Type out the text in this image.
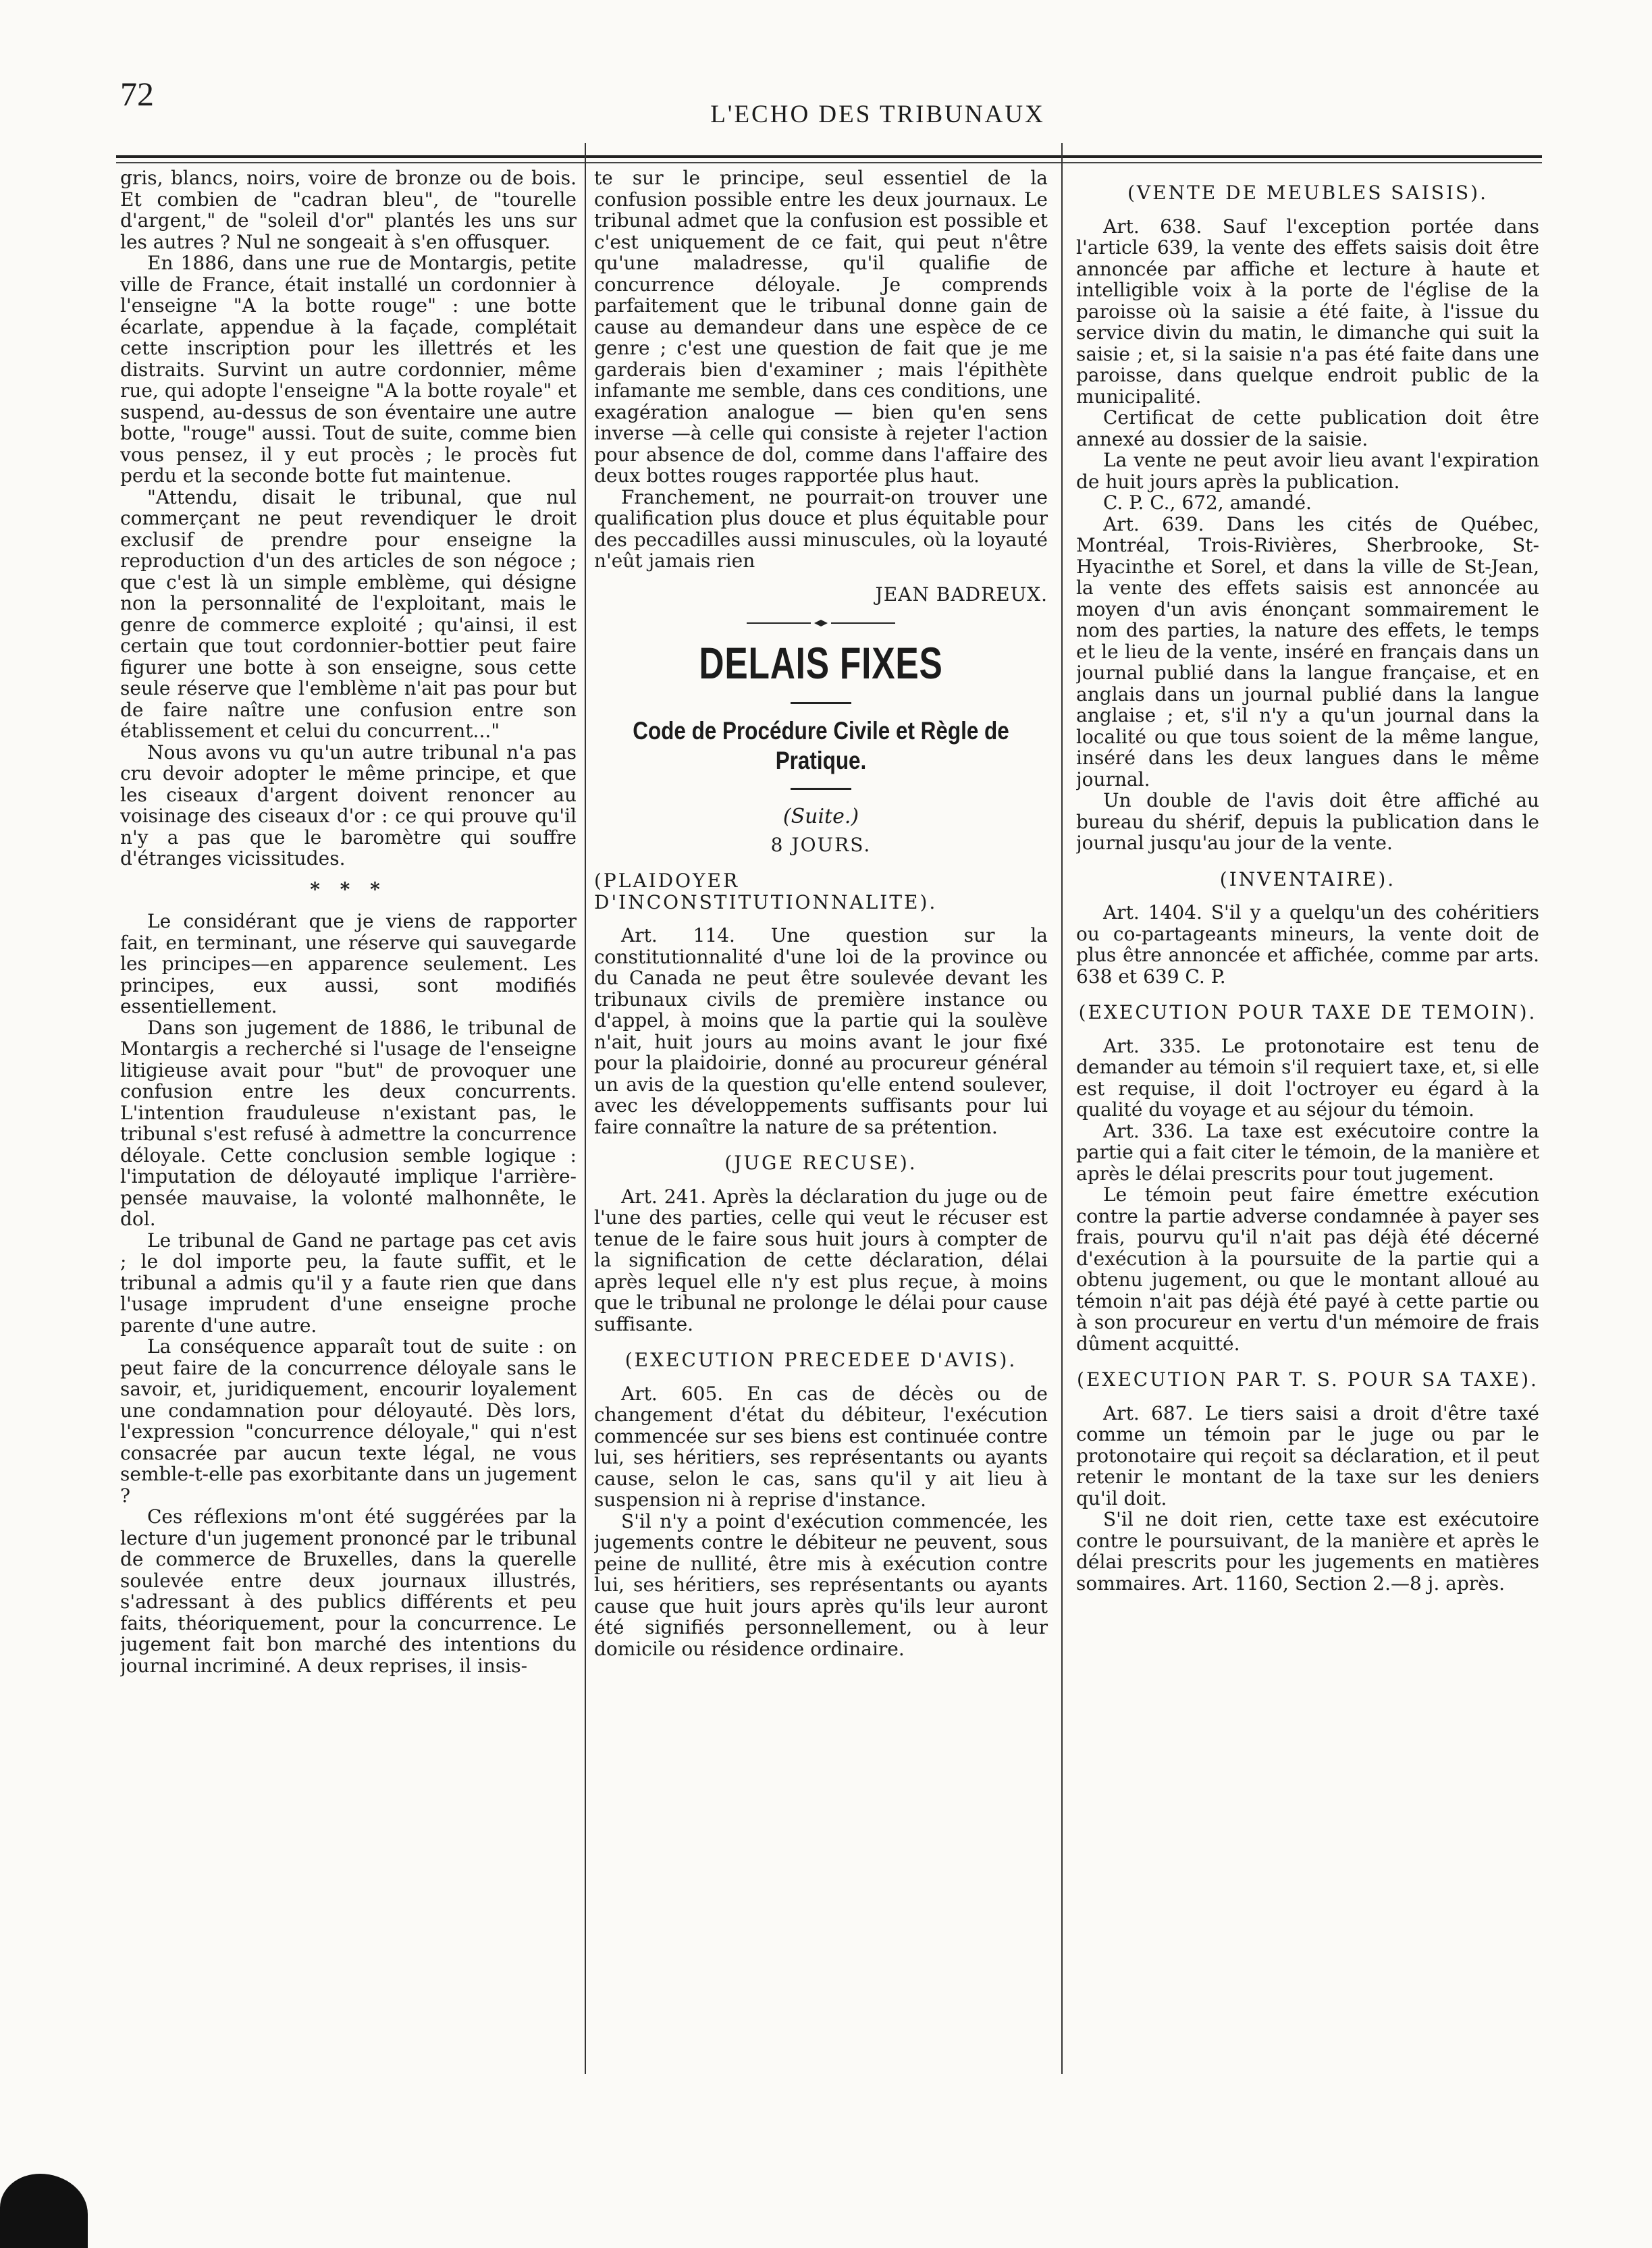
72
L'ECHO DES TRIBUNAUX

gris, blancs, noirs, voire de bronze ou de bois. Et combien de "cadran bleu", de "tourelle d'argent," de "soleil d'or" plantés les uns sur les autres ? Nul ne songeait à s'en offusquer.

En 1886, dans une rue de Montargis, petite ville de France, était installé un cordonnier à l'enseigne "A la botte rouge" : une botte écarlate, appendue à la façade, complétait cette inscription pour les illettrés et les distraits. Survint un autre cordonnier, même rue, qui adopte l'enseigne "A la botte royale" et suspend, au-dessus de son éventaire une autre botte, "rouge" aussi. Tout de suite, comme bien vous pensez, il y eut procès ; le procès fut perdu et la seconde botte fut maintenue.

"Attendu, disait le tribunal, que nul commerçant ne peut revendiquer le droit exclusif de prendre pour enseigne la reproduction d'un des articles de son négoce ; que c'est là un simple emblème, qui désigne non la personnalité de l'exploitant, mais le genre de commerce exploité ; qu'ainsi, il est certain que tout cordonnier-bottier peut faire figurer une botte à son enseigne, sous cette seule réserve que l'emblème n'ait pas pour but de faire naître une confusion entre son établissement et celui du concurrent..."

Nous avons vu qu'un autre tribunal n'a pas cru devoir adopter le même principe, et que les ciseaux d'argent doivent renoncer au voisinage des ciseaux d'or : ce qui prouve qu'il n'y a pas que le baromètre qui souffre d'étranges vicissitudes.

* * *

Le considérant que je viens de rapporter fait, en terminant, une réserve qui sauvegarde les principes—en apparence seulement. Les principes, eux aussi, sont modifiés essentiellement.

Dans son jugement de 1886, le tribunal de Montargis a recherché si l'usage de l'enseigne litigieuse avait pour "but" de provoquer une confusion entre les deux concurrents. L'intention frauduleuse n'existant pas, le tribunal s'est refusé à admettre la concurrence déloyale. Cette conclusion semble logique : l'imputation de déloyauté implique l'arrière-pensée mauvaise, la volonté malhonnête, le dol.

Le tribunal de Gand ne partage pas cet avis ; le dol importe peu, la faute suffit, et le tribunal a admis qu'il y a faute rien que dans l'usage imprudent d'une enseigne proche parente d'une autre.

La conséquence apparaît tout de suite : on peut faire de la concurrence déloyale sans le savoir, et, juridiquement, encourir loyalement une condamnation pour déloyauté. Dès lors, l'expression "concurrence déloyale," qui n'est consacrée par aucun texte légal, ne vous semble-t-elle pas exorbitante dans un jugement ?

Ces réflexions m'ont été suggérées par la lecture d'un jugement prononcé par le tribunal de commerce de Bruxelles, dans la querelle soulevée entre deux journaux illustrés, s'adressant à des publics différents et peu faits, théoriquement, pour la concurrence. Le jugement fait bon marché des intentions du journal incriminé. A deux reprises, il insis-

te sur le principe, seul essentiel de la confusion possible entre les deux journaux. Le tribunal admet que la confusion est possible et c'est uniquement de ce fait, qui peut n'être qu'une maladresse, qu'il qualifie de concurrence déloyale. Je comprends parfaitement que le tribunal donne gain de cause au demandeur dans une espèce de ce genre ; c'est une question de fait que je me garderais bien d'examiner ; mais l'épithète infamante me semble, dans ces conditions, une exagération analogue — bien qu'en sens inverse —à celle qui consiste à rejeter l'action pour absence de dol, comme dans l'affaire des deux bottes rouges rapportée plus haut.

Franchement, ne pourrait-on trouver une qualification plus douce et plus équitable pour des peccadilles aussi minuscules, où la loyauté n'eût jamais rien

JEAN BADREUX.

DELAIS FIXES
Code de Procédure Civile et Règle de Pratique.
(Suite.)
8 JOURS.
(PLAIDOYER D'INCONSTITUTIONNALITE).

Art. 114. Une question sur la constitutionnalité d'une loi de la province ou du Canada ne peut être soulevée devant les tribunaux civils de première instance ou d'appel, à moins que la partie qui la soulève n'ait, huit jours au moins avant le jour fixé pour la plaidoirie, donné au procureur général un avis de la question qu'elle entend soulever, avec les développements suffisants pour lui faire connaître la nature de sa prétention.

(JUGE RECUSE).

Art. 241. Après la déclaration du juge ou de l'une des parties, celle qui veut le récuser est tenue de le faire sous huit jours à compter de la signification de cette déclaration, délai après lequel elle n'y est plus reçue, à moins que le tribunal ne prolonge le délai pour cause suffisante.

(EXECUTION PRECEDEE D'AVIS).

Art. 605. En cas de décès ou de changement d'état du débiteur, l'exécution commencée sur ses biens est continuée contre lui, ses héritiers, ses représentants ou ayants cause, selon le cas, sans qu'il y ait lieu à suspension ni à reprise d'instance.

S'il n'y a point d'exécution commencée, les jugements contre le débiteur ne peuvent, sous peine de nullité, être mis à exécution contre lui, ses héritiers, ses représentants ou ayants cause que huit jours après qu'ils leur auront été signifiés personnellement, ou à leur domicile ou résidence ordinaire.

(VENTE DE MEUBLES SAISIS).

Art. 638. Sauf l'exception portée dans l'article 639, la vente des effets saisis doit être annoncée par affiche et lecture à haute et intelligible voix à la porte de l'église de la paroisse où la saisie a été faite, à l'issue du service divin du matin, le dimanche qui suit la saisie ; et, si la saisie n'a pas été faite dans une paroisse, dans quelque endroit public de la municipalité.

Certificat de cette publication doit être annexé au dossier de la saisie.

La vente ne peut avoir lieu avant l'expiration de huit jours après la publication.

C. P. C., 672, amandé.

Art. 639. Dans les cités de Québec, Montréal, Trois-Rivières, Sherbrooke, St-Hyacinthe et Sorel, et dans la ville de St-Jean, la vente des effets saisis est annoncée au moyen d'un avis énonçant sommairement le nom des parties, la nature des effets, le temps et le lieu de la vente, inséré en français dans un journal publié dans la langue française, et en anglais dans un journal publié dans la langue anglaise ; et, s'il n'y a qu'un journal dans la localité ou que tous soient de la même langue, inséré dans les deux langues dans le même journal.

Un double de l'avis doit être affiché au bureau du shérif, depuis la publication dans le journal jusqu'au jour de la vente.

(INVENTAIRE).

Art. 1404. S'il y a quelqu'un des cohéritiers ou co-partageants mineurs, la vente doit de plus être annoncée et affichée, comme par arts. 638 et 639 C. P.

(EXECUTION POUR TAXE DE TEMOIN).

Art. 335. Le protonotaire est tenu de demander au témoin s'il requiert taxe, et, si elle est requise, il doit l'octroyer eu égard à la qualité du voyage et au séjour du témoin.

Art. 336. La taxe est exécutoire contre la partie qui a fait citer le témoin, de la manière et après le délai prescrits pour tout jugement.

Le témoin peut faire émettre exécution contre la partie adverse condamnée à payer ses frais, pourvu qu'il n'ait pas déjà été décerné d'exécution à la poursuite de la partie qui a obtenu jugement, ou que le montant alloué au témoin n'ait pas déjà été payé à cette partie ou à son procureur en vertu d'un mémoire de frais dûment acquitté.

(EXECUTION PAR T. S. POUR SA TAXE).

Art. 687. Le tiers saisi a droit d'être taxé comme un témoin par le juge ou par le protonotaire qui reçoit sa déclaration, et il peut retenir le montant de la taxe sur les deniers qu'il doit.

S'il ne doit rien, cette taxe est exécutoire contre le poursuivant, de la manière et après le délai prescrits pour les jugements en matières sommaires. Art. 1160, Section 2.—8 j. après.
